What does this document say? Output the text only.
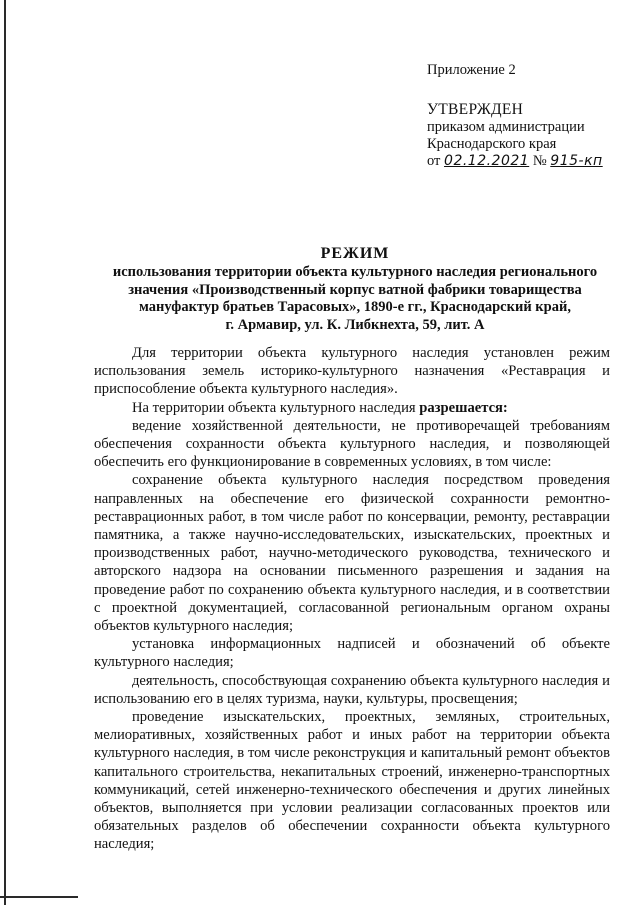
Приложение 2
УТВЕРЖДЕН
приказом администрации
Краснодарского края
от 02.12.2021 № 915-кп
РЕЖИМ
использования территории объекта культурного наследия регионального
значения «Производственный корпус ватной фабрики товарищества
мануфактур братьев Тарасовых», 1890-е гг., Краснодарский край,
г. Армавир, ул. К. Либкнехта, 59, лит. А

Для территории объекта культурного наследия установлен режим использования земель историко-культурного назначения «Реставрация и приспособление объекта культурного наследия».

На территории объекта культурного наследия разрешается:

ведение хозяйственной деятельности, не противоречащей требованиям обеспечения сохранности объекта культурного наследия, и позволяющей обеспечить его функционирование в современных условиях, в том числе:

сохранение объекта культурного наследия посредством проведения направленных на обеспечение его физической сохранности ремонтно-реставрационных работ, в том числе работ по консервации, ремонту, реставрации памятника, а также научно-исследовательских, изыскательских, проектных и производственных работ, научно-методического руководства, технического и авторского надзора на основании письменного разрешения и задания на проведение работ по сохранению объекта культурного наследия, и в соответствии с проектной документацией, согласованной региональным органом охраны объектов культурного наследия;

установка информационных надписей и обозначений об объекте культурного наследия;

деятельность, способствующая сохранению объекта культурного наследия и использованию его в целях туризма, науки, культуры, просвещения;

проведение изыскательских, проектных, земляных, строительных, мелиоративных, хозяйственных работ и иных работ на территории объекта культурного наследия, в том числе реконструкция и капитальный ремонт объектов капитального строительства, некапитальных строений, инженерно-транспортных коммуникаций, сетей инженерно-технического обеспечения и других линейных объектов, выполняется при условии реализации согласованных проектов или обязательных разделов об обеспечении сохранности объекта культурного наследия;
